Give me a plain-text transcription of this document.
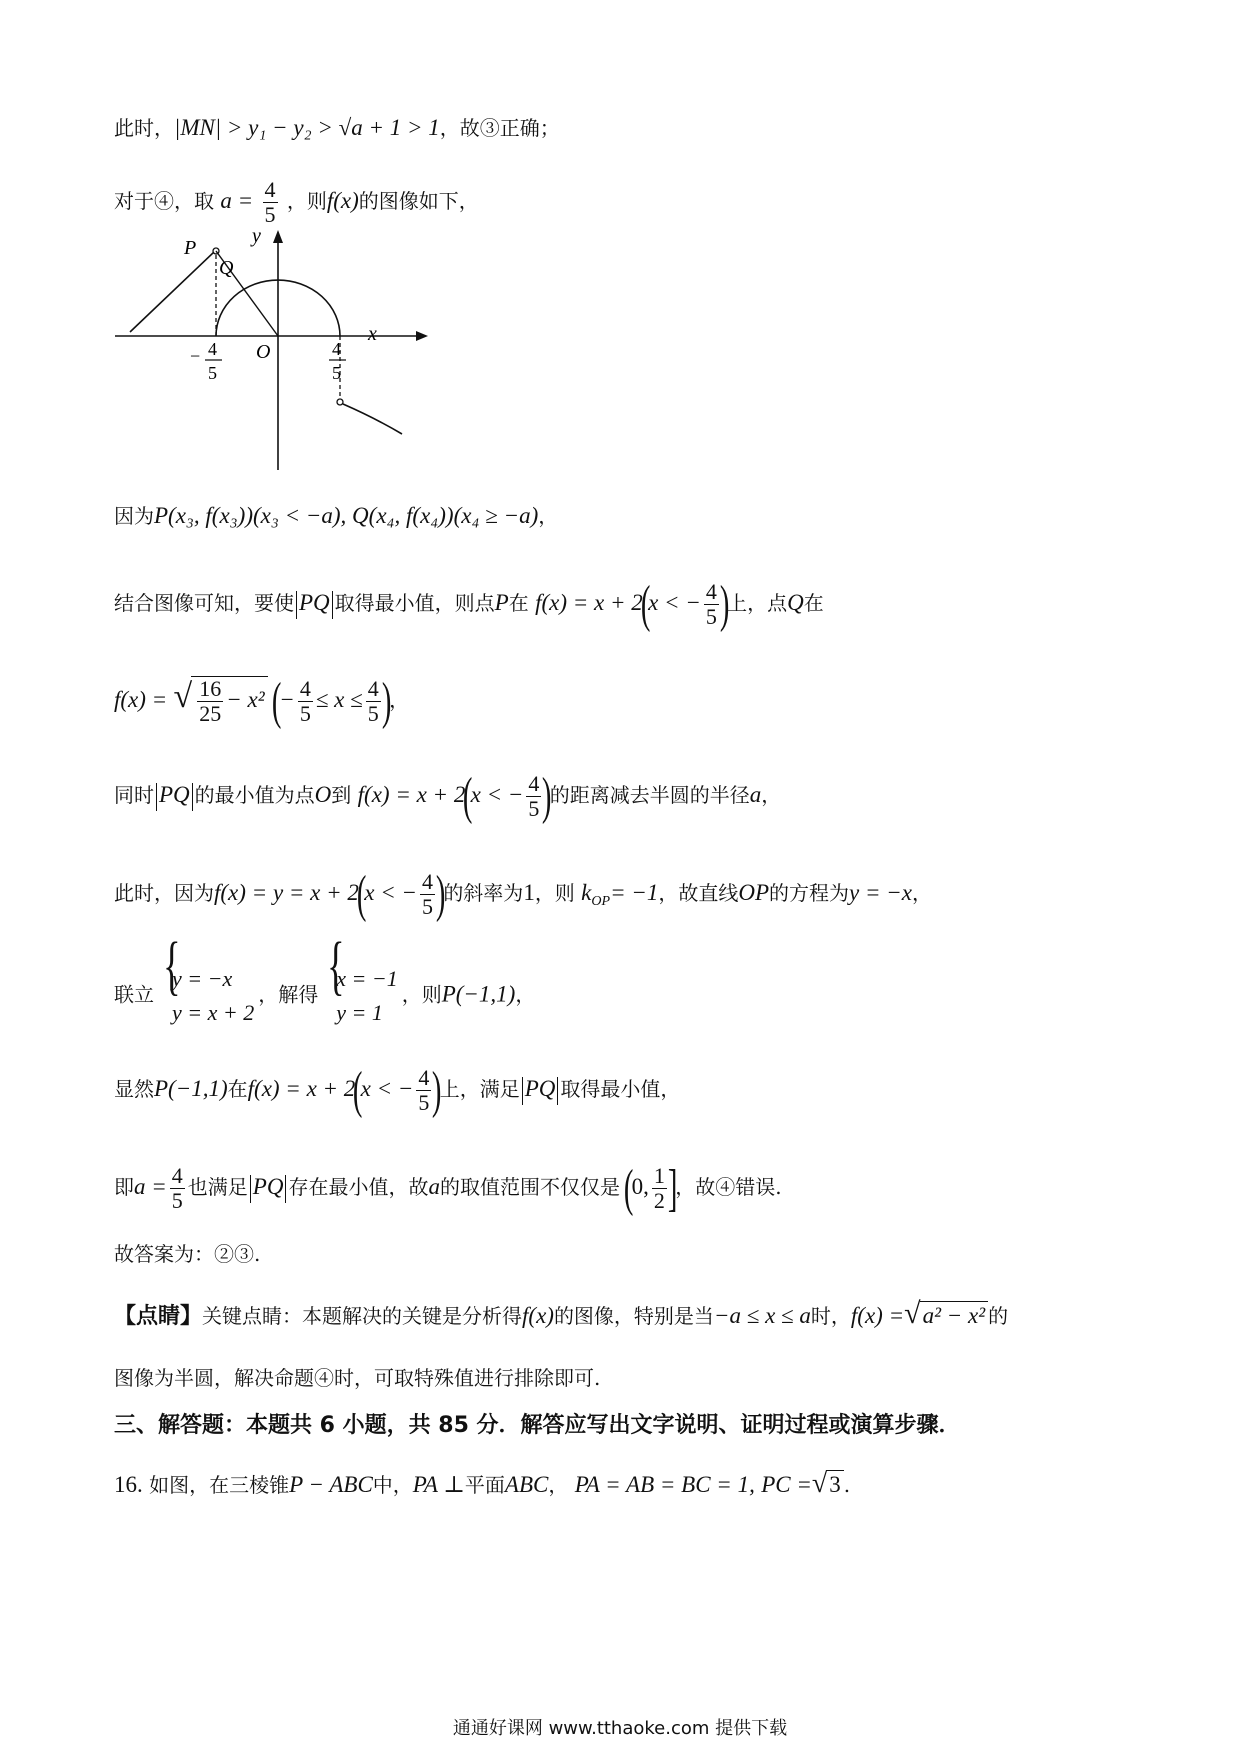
此时，|MN| > y₁ − y₂ > √a + 1 > 1，故③正确；
对于④，取 $a = \frac{4}{5}$ ，则f(x)的图像如下，
y
x
O
P
Q
− 4
5
4
5
因为P(x₃, f(x₃))(x₃ < −a), Q(x₄, f(x₄))(x₄ ≥ −a)，
结合图像可知，要使 PQ 取得最小值，则点P在 f(x) = x + 2(x < − $\frac{4}{5}$ )上，点Q在
f(x) = √ $\frac{16}{25} - x^2$ (− $\frac{4}{5} \le x \le \frac{4}{5}$ )，
同时 PQ 的最小值为点O到 f(x) = x + 2(x < − $\frac{4}{5}$ )的距离减去半圆的半径a，
此时，因为f(x) = y = x + 2(x < − $\frac{4}{5}$ )的斜率为1，则 $k_{OP}= -1$，故直线OP的方程为y = −x，
联立
{ y = −x
y = x + 2
，解得
{ x = −1
y = 1
，则P(−1,1)，
显然P(−1,1)在f(x) = x + 2(x < − $\frac{4}{5}$ )上，满足 PQ 取得最小值，
即$a = \frac{4}{5}$ 也满足 PQ 存在最小值，故a的取值范围不仅仅是 (0, $\frac{1}{2}$ ]，故④错误.
故答案为：②③.
【点睛】关键点睛：本题解决的关键是分析得f(x)的图像，特别是当−a ≤ x ≤ a时，f(x) =√a² − x² 的
图像为半圆，解决命题④时，可取特殊值进行排除即可.
三、解答题：本题共 6 小题，共 85 分．解答应写出文字说明、证明过程或演算步骤．
16. 如图，在三棱锥P − ABC中，PA ⊥平面ABC， PA = AB = BC = 1, PC =√3 .
通通好课网 www.tthaoke.com 提供下载
